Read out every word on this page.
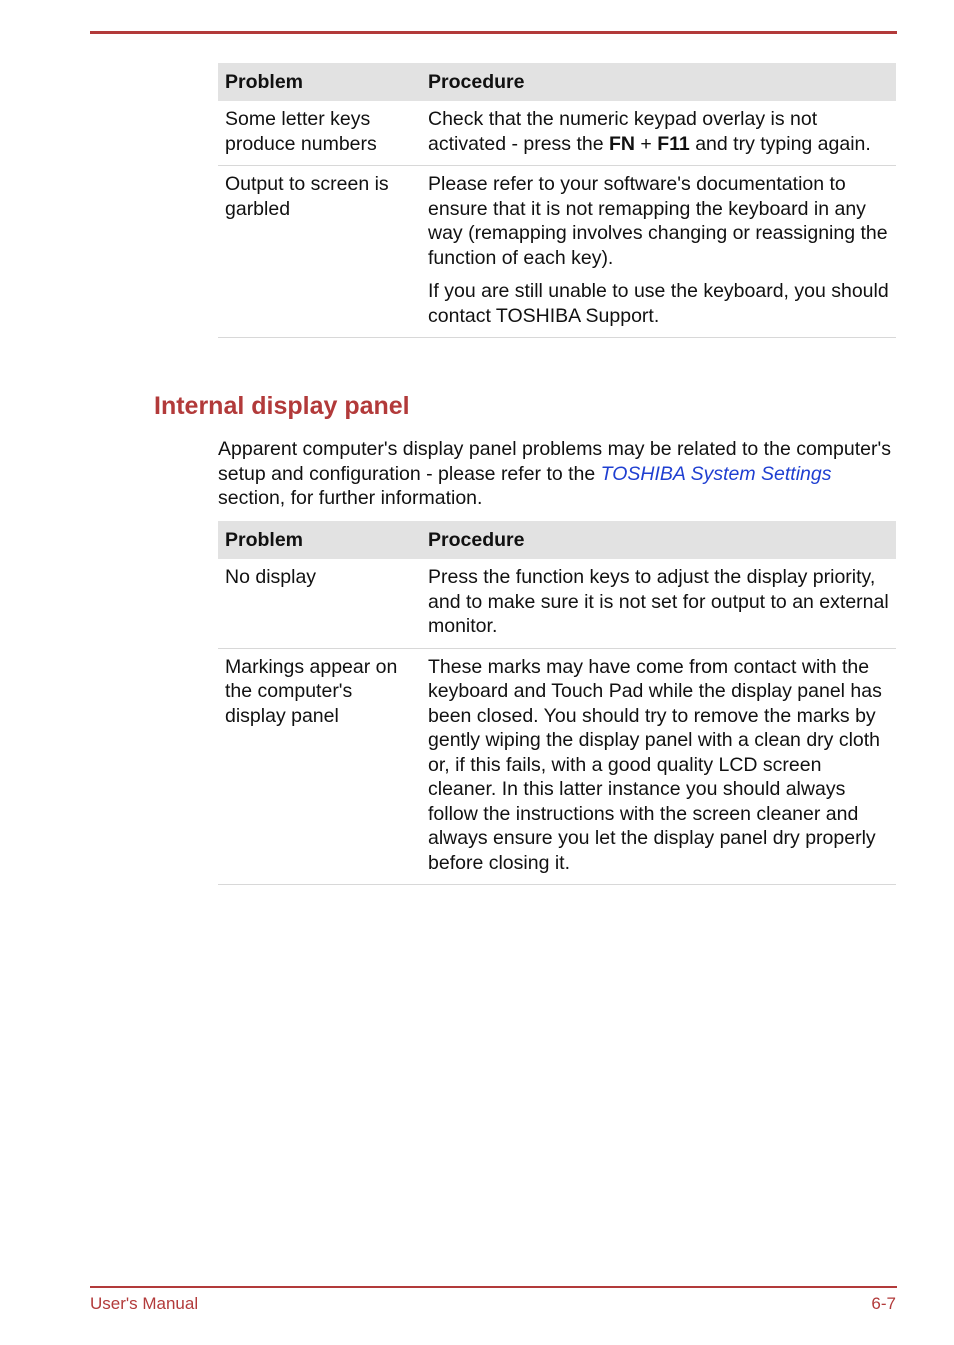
Problem	Procedure
Some letter keys produce numbers	Check that the numeric keypad overlay is not activated - press the FN + F11 and try typing again.
Output to screen is garbled	Please refer to your software's documentation to ensure that it is not remapping the keyboard in any way (remapping involves changing or reassigning the function of each key).

If you are still unable to use the keyboard, you should contact TOSHIBA Support.

Internal display panel

Apparent computer's display panel problems may be related to the computer's setup and configuration - please refer to the TOSHIBA System Settings section, for further information.

Problem	Procedure
No display	Press the function keys to adjust the display priority, and to make sure it is not set for output to an external monitor.
Markings appear on the computer's display panel	These marks may have come from contact with the keyboard and Touch Pad while the display panel has been closed. You should try to remove the marks by gently wiping the display panel with a clean dry cloth or, if this fails, with a good quality LCD screen cleaner. In this latter instance you should always follow the instructions with the screen cleaner and always ensure you let the display panel dry properly before closing it.
User's Manual	6-7
